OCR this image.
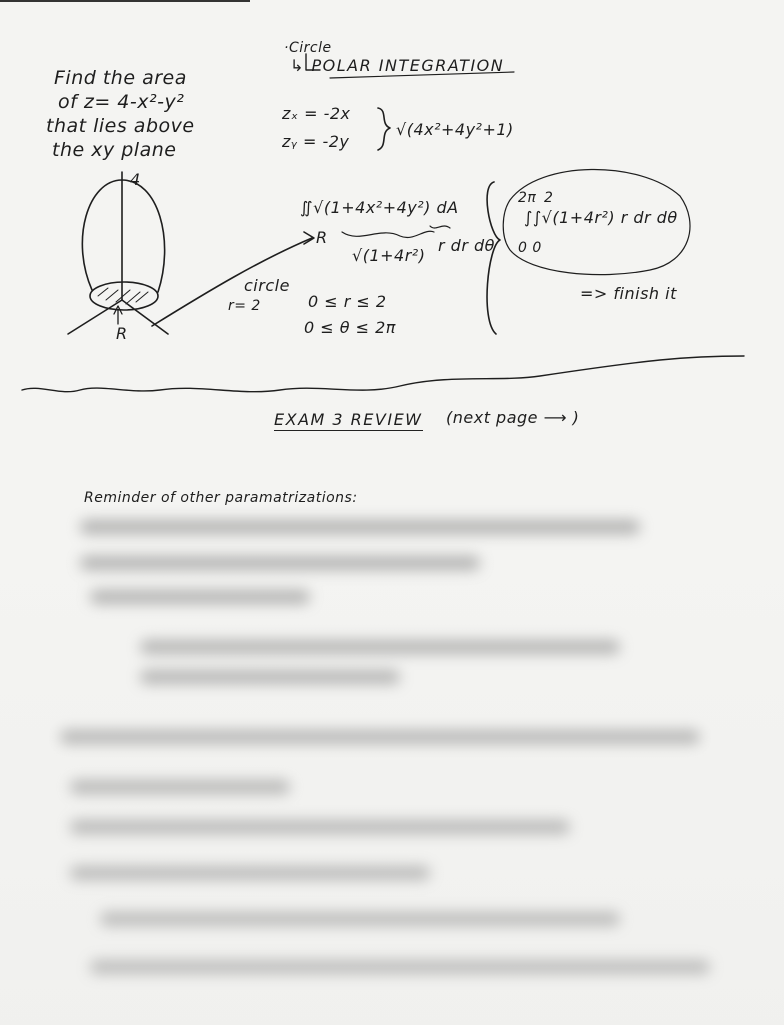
Find the area
of z= 4-x²-y²
that lies above
the xy plane
·Circle
↳ POLAR INTEGRATION
zₓ = -2x
zᵧ = -2y
√(4x²+4y²+1)
∬√(1+4x²+4y²) dA
R
√(1+4r²)
r dr dθ
circle
r= 2	0 ≤ r ≤ 2
0 ≤ θ ≤ 2π
2π 2
∫∫√(1+4r²) r dr dθ
0 0
=> finish it
4
R
EXAM 3 REVIEW (next page ⟶ )
Reminder of other paramatrizations:
